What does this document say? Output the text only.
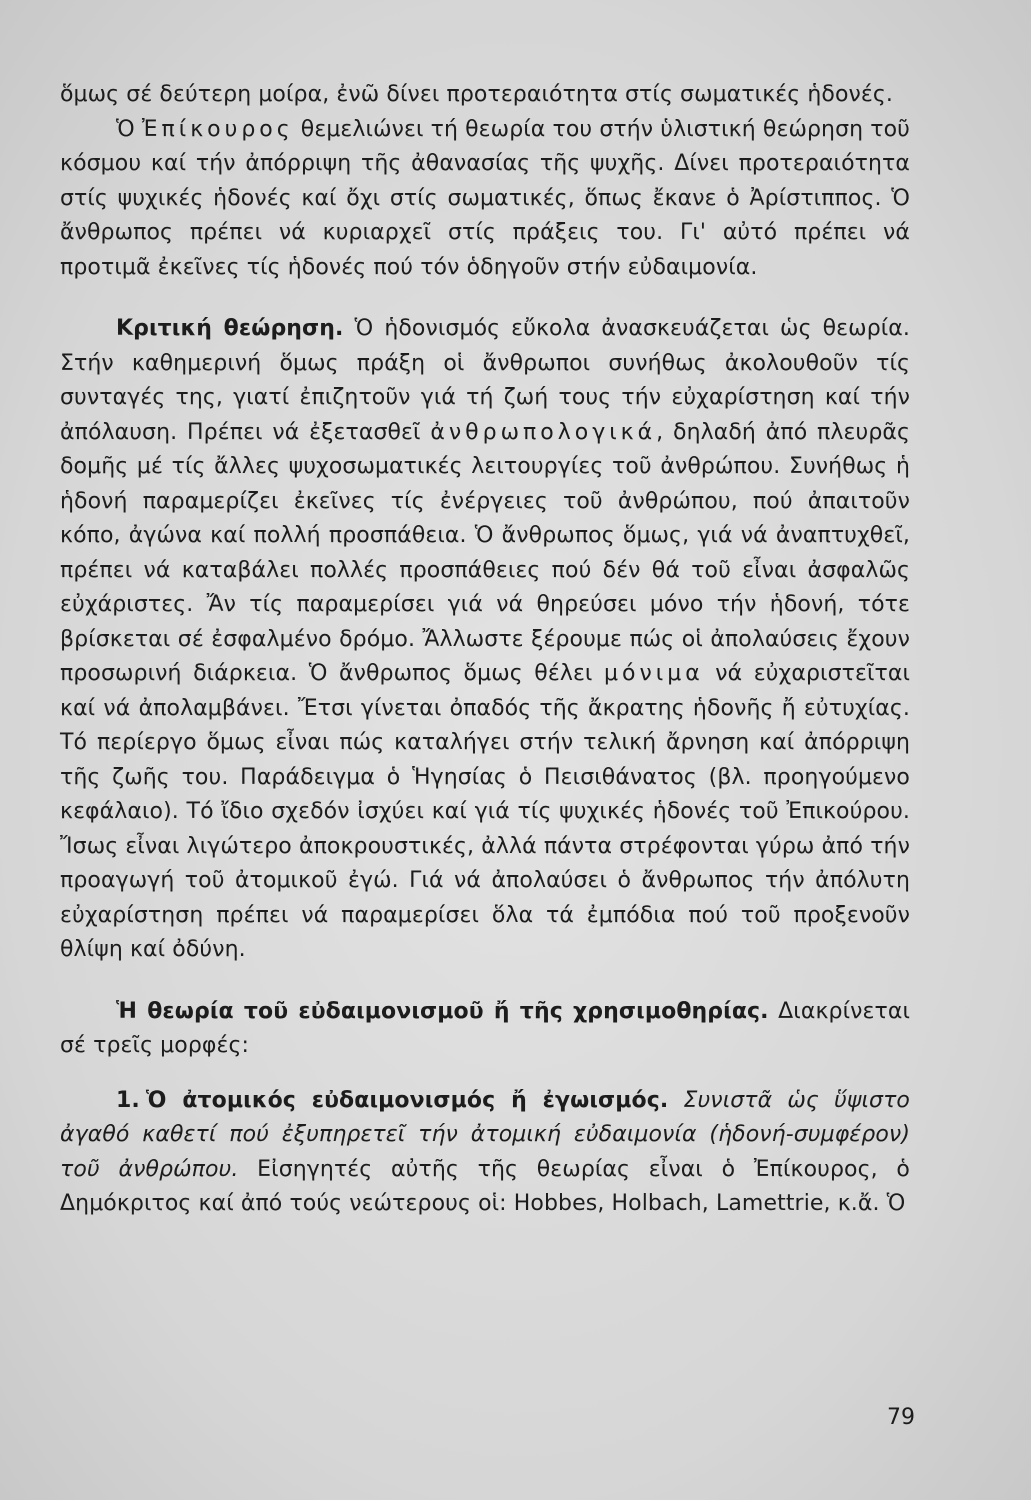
ὅμως σέ δεύτερη μοίρα, ἐνῶ δίνει προτεραιότητα στίς σωματικές ἡδονές.

Ὁ Ἐπίκουρος θεμελιώνει τή θεωρία του στήν ὑλιστική θεώρηση τοῦ κόσμου καί τήν ἀπόρριψη τῆς ἀθανασίας τῆς ψυχῆς. Δίνει προτεραιότητα στίς ψυχικές ἡδονές καί ὄχι στίς σωματικές, ὅπως ἔκανε ὁ Ἀρίστιππος. Ὁ ἄνθρωπος πρέπει νά κυριαρχεῖ στίς πράξεις του. Γι' αὐτό πρέπει νά προτιμᾶ ἐκεῖνες τίς ἡδονές πού τόν ὁδηγοῦν στήν εὐδαιμονία.

Κριτική θεώρηση. Ὁ ἡδονισμός εὔκολα ἀνασκευάζεται ὡς θεωρία. Στήν καθημερινή ὅμως πράξη οἱ ἄνθρωποι συνήθως ἀκολουθοῦν τίς συνταγές της, γιατί ἐπιζητοῦν γιά τή ζωή τους τήν εὐχαρίστηση καί τήν ἀπόλαυση. Πρέπει νά ἐξετασθεῖ ἀνθρωπολογικά, δηλαδή ἀπό πλευρᾶς δομῆς μέ τίς ἄλλες ψυχοσωματικές λειτουργίες τοῦ ἀνθρώπου. Συνήθως ἡ ἡδονή παραμερίζει ἐκεῖνες τίς ἐνέργειες τοῦ ἀνθρώπου, πού ἀπαιτοῦν κόπο, ἀγώνα καί πολλή προσπάθεια. Ὁ ἄνθρωπος ὅμως, γιά νά ἀναπτυχθεῖ, πρέπει νά καταβάλει πολλές προσπάθειες πού δέν θά τοῦ εἶναι ἀσφαλῶς εὐχάριστες. Ἄν τίς παραμερίσει γιά νά θηρεύσει μόνο τήν ἡδονή, τότε βρίσκεται σέ ἐσφαλμένο δρόμο. Ἄλλωστε ξέρουμε πώς οἱ ἀπολαύσεις ἔχουν προσωρινή διάρκεια. Ὁ ἄνθρωπος ὅμως θέλει μόνιμα νά εὐχαριστεῖται καί νά ἀπολαμβάνει. Ἔτσι γίνεται ὀπαδός τῆς ἄκρατης ἡδονῆς ἤ εὐτυχίας. Τό περίεργο ὅμως εἶναι πώς καταλήγει στήν τελική ἄρνηση καί ἀπόρριψη τῆς ζωῆς του. Παράδειγμα ὁ Ἡγησίας ὁ Πεισιθάνατος (βλ. προηγούμενο κεφάλαιο). Τό ἴδιο σχεδόν ἰσχύει καί γιά τίς ψυχικές ἡδονές τοῦ Ἐπικούρου. Ἴσως εἶναι λιγώτερο ἀποκρουστικές, ἀλλά πάντα στρέφονται γύρω ἀπό τήν προαγωγή τοῦ ἀτομικοῦ ἐγώ. Γιά νά ἀπολαύσει ὁ ἄνθρωπος τήν ἀπόλυτη εὐχαρίστηση πρέπει νά παραμερίσει ὅλα τά ἐμπόδια πού τοῦ προξενοῦν θλίψη καί ὀδύνη.

Ἡ θεωρία τοῦ εὐδαιμονισμοῦ ἤ τῆς χρησιμοθηρίας. Διακρίνεται σέ τρεῖς μορφές:

1. Ὁ ἀτομικός εὐδαιμονισμός ἤ ἐγωισμός. Συνιστᾶ ὡς ὕψιστο ἀγαθό καθετί πού ἐξυπηρετεῖ τήν ἀτομική εὐδαιμονία (ἡδονή-συμφέρον) τοῦ ἀνθρώπου. Εἰσηγητές αὐτῆς τῆς θεωρίας εἶναι ὁ Ἐπίκουρος, ὁ Δημόκριτος καί ἀπό τούς νεώτερους οἱ: Hobbes, Holbach, Lamettrie, κ.ἄ. Ὁ

79
